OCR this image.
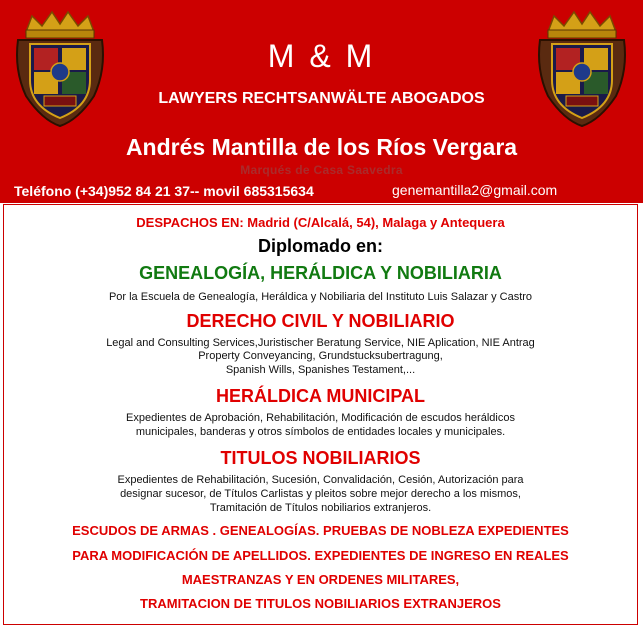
M & M
LAWYERS RECHTSANWÄLTE ABOGADOS
Andrés Mantilla de los Ríos Vergara
Marqués de Casa Saavedra
Teléfono (+34)952 84 21 37-- movil 685315634	genemantilla2@gmail.com
DESPACHOS EN: Madrid (C/Alcalá, 54), Malaga y Antequera
Diplomado en:
GENEALOGÍA, HERÁLDICA Y NOBILIARIA
Por la Escuela de Genealogía, Heráldica y Nobiliaria del Instituto Luis Salazar y Castro
DERECHO CIVIL Y NOBILIARIO
Legal and Consulting Services,Juristischer Beratung Service, NIE Aplication, NIE Antrag
Property Conveyancing, Grundstucksubertragung,
Spanish Wills, Spanishes Testament,...
HERÁLDICA MUNICIPAL
Expedientes de Aprobación, Rehabilitación, Modificación de escudos heráldicos
municipales, banderas y otros símbolos de entidades locales y municipales.
TITULOS NOBILIARIOS
Expedientes de Rehabilitación, Sucesión, Convalidación, Cesión, Autorización para
designar sucesor, de Títulos Carlistas y pleitos sobre mejor derecho a los mismos,
Tramitación de Títulos nobiliarios extranjeros.
ESCUDOS DE ARMAS . GENEALOGÍAS. PRUEBAS DE NOBLEZA EXPEDIENTES
PARA MODIFICACIÓN DE APELLIDOS. EXPEDIENTES DE INGRESO EN REALES
MAESTRANZAS Y EN ORDENES MILITARES,
TRAMITACION DE TITULOS NOBILIARIOS EXTRANJEROS
